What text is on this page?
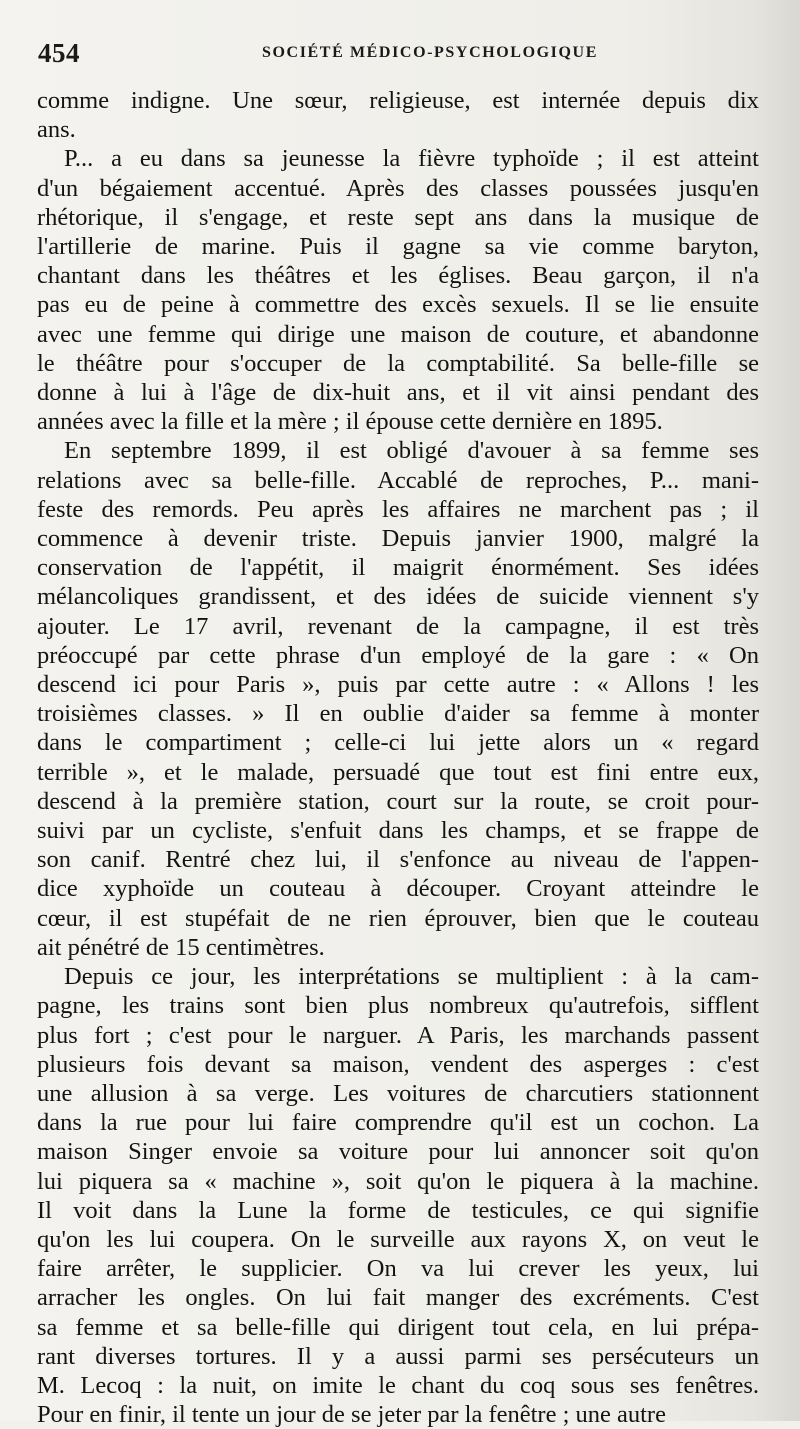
454	SOCIÉTÉ MÉDICO-PSYCHOLOGIQUE
comme indigne. Une sœur, religieuse, est internée depuis dix
ans.
P... a eu dans sa jeunesse la fièvre typhoïde ; il est atteint
d'un bégaiement accentué. Après des classes poussées jusqu'en
rhétorique, il s'engage, et reste sept ans dans la musique de
l'artillerie de marine. Puis il gagne sa vie comme baryton,
chantant dans les théâtres et les églises. Beau garçon, il n'a
pas eu de peine à commettre des excès sexuels. Il se lie ensuite
avec une femme qui dirige une maison de couture, et abandonne
le théâtre pour s'occuper de la comptabilité. Sa belle-fille se
donne à lui à l'âge de dix-huit ans, et il vit ainsi pendant des
années avec la fille et la mère ; il épouse cette dernière en 1895.
En septembre 1899, il est obligé d'avouer à sa femme ses
relations avec sa belle-fille. Accablé de reproches, P... mani-
feste des remords. Peu après les affaires ne marchent pas ; il
commence à devenir triste. Depuis janvier 1900, malgré la
conservation de l'appétit, il maigrit énormément. Ses idées
mélancoliques grandissent, et des idées de suicide viennent s'y
ajouter. Le 17 avril, revenant de la campagne, il est très
préoccupé par cette phrase d'un employé de la gare : « On
descend ici pour Paris », puis par cette autre : « Allons ! les
troisièmes classes. » Il en oublie d'aider sa femme à monter
dans le compartiment ; celle-ci lui jette alors un « regard
terrible », et le malade, persuadé que tout est fini entre eux,
descend à la première station, court sur la route, se croit pour-
suivi par un cycliste, s'enfuit dans les champs, et se frappe de
son canif. Rentré chez lui, il s'enfonce au niveau de l'appen-
dice xyphoïde un couteau à découper. Croyant atteindre le
cœur, il est stupéfait de ne rien éprouver, bien que le couteau
ait pénétré de 15 centimètres.
Depuis ce jour, les interprétations se multiplient : à la cam-
pagne, les trains sont bien plus nombreux qu'autrefois, sifflent
plus fort ; c'est pour le narguer. A Paris, les marchands passent
plusieurs fois devant sa maison, vendent des asperges : c'est
une allusion à sa verge. Les voitures de charcutiers stationnent
dans la rue pour lui faire comprendre qu'il est un cochon. La
maison Singer envoie sa voiture pour lui annoncer soit qu'on
lui piquera sa « machine », soit qu'on le piquera à la machine.
Il voit dans la Lune la forme de testicules, ce qui signifie
qu'on les lui coupera. On le surveille aux rayons X, on veut le
faire arrêter, le supplicier. On va lui crever les yeux, lui
arracher les ongles. On lui fait manger des excréments. C'est
sa femme et sa belle-fille qui dirigent tout cela, en lui prépa-
rant diverses tortures. Il y a aussi parmi ses persécuteurs un
M. Lecoq : la nuit, on imite le chant du coq sous ses fenêtres.
Pour en finir, il tente un jour de se jeter par la fenêtre ; une autre
